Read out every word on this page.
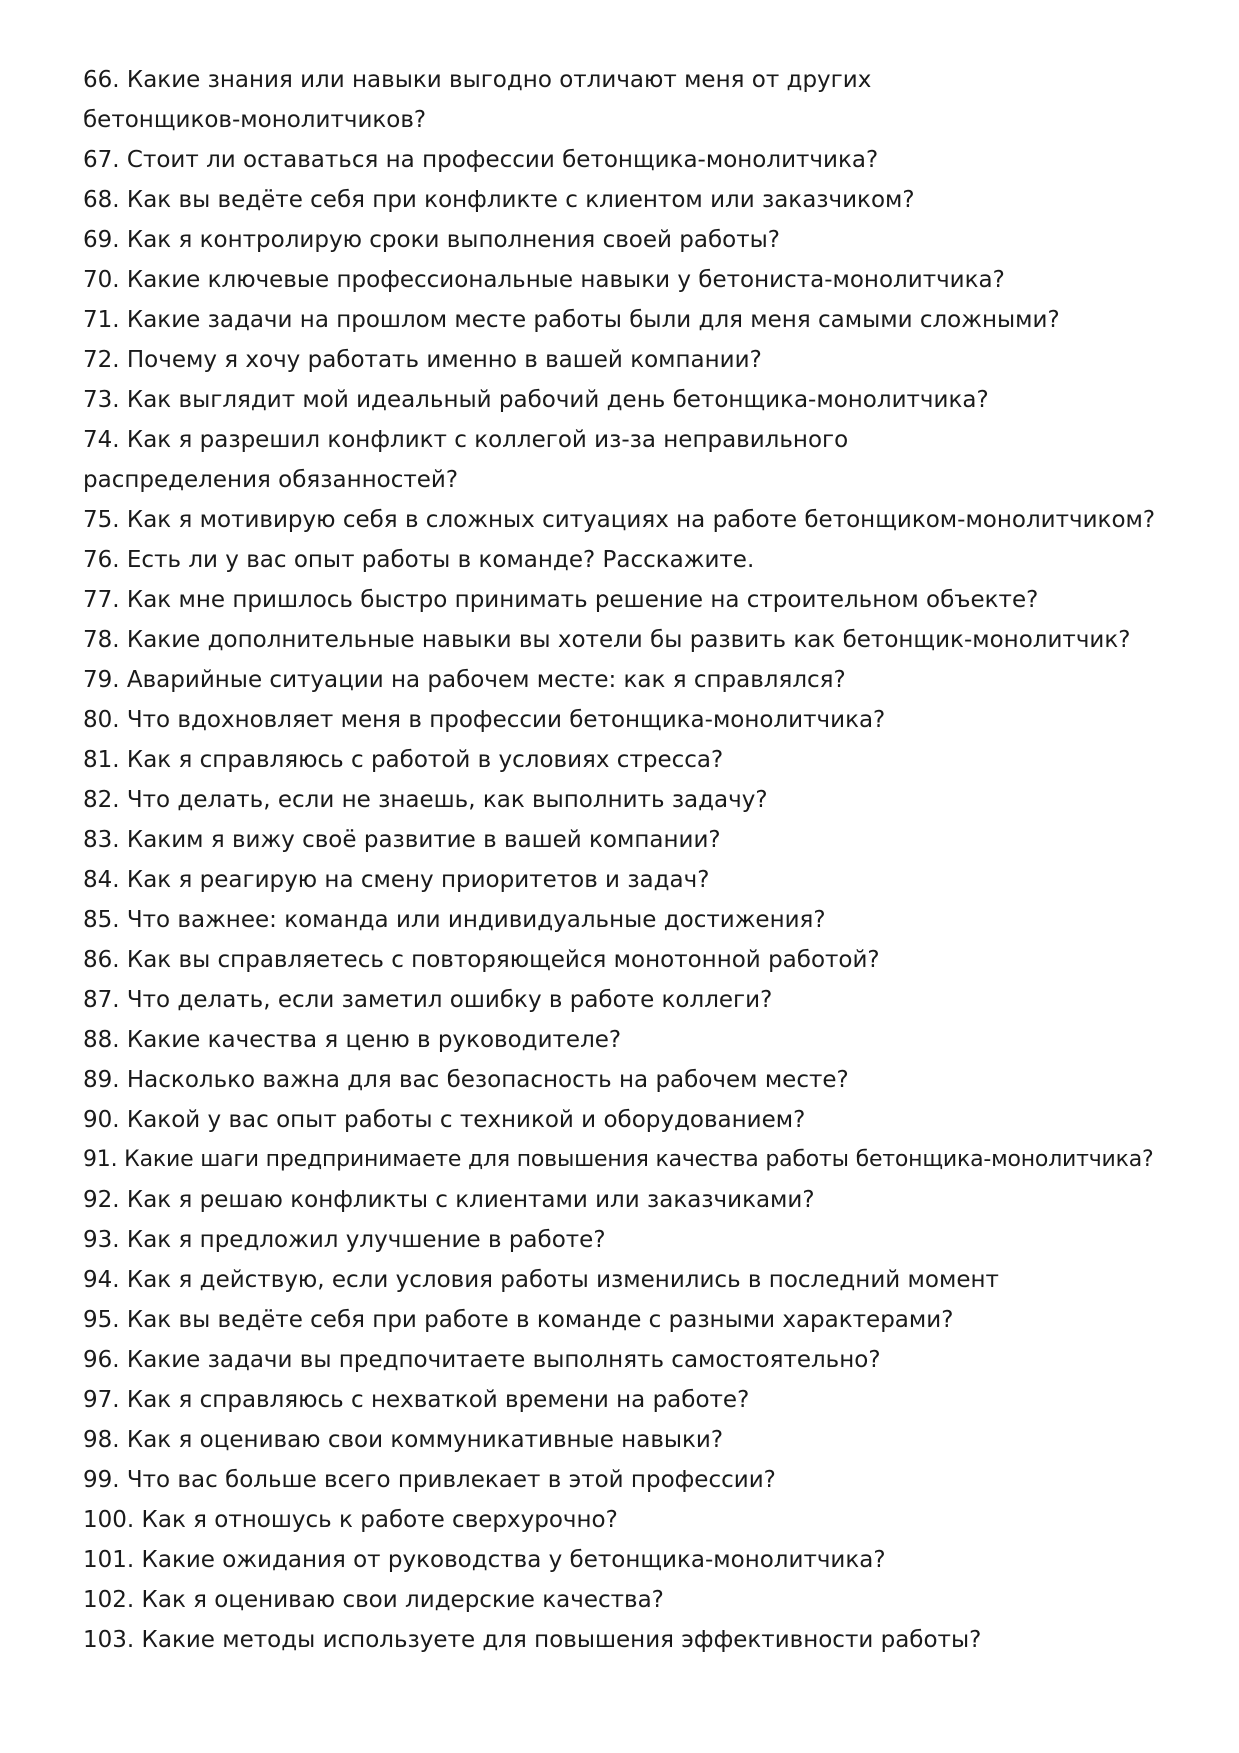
66. Какие знания или навыки выгодно отличают меня от других бетонщиков-монолитчиков?
67. Стоит ли оставаться на профессии бетонщика-монолитчика?
68. Как вы ведёте себя при конфликте с клиентом или заказчиком?
69. Как я контролирую сроки выполнения своей работы?
70. Какие ключевые профессиональные навыки у бетониста-монолитчика?
71. Какие задачи на прошлом месте работы были для меня самыми сложными?
72. Почему я хочу работать именно в вашей компании?
73. Как выглядит мой идеальный рабочий день бетонщика-монолитчика?
74. Как я разрешил конфликт с коллегой из-за неправильного распределения обязанностей?
75. Как я мотивирую себя в сложных ситуациях на работе бетонщиком-монолитчиком?
76. Есть ли у вас опыт работы в команде? Расскажите.
77. Как мне пришлось быстро принимать решение на строительном объекте?
78. Какие дополнительные навыки вы хотели бы развить как бетонщик-монолитчик?
79. Аварийные ситуации на рабочем месте: как я справлялся?
80. Что вдохновляет меня в профессии бетонщика-монолитчика?
81. Как я справляюсь с работой в условиях стресса?
82. Что делать, если не знаешь, как выполнить задачу?
83. Каким я вижу своё развитие в вашей компании?
84. Как я реагирую на смену приоритетов и задач?
85. Что важнее: команда или индивидуальные достижения?
86. Как вы справляетесь с повторяющейся монотонной работой?
87. Что делать, если заметил ошибку в работе коллеги?
88. Какие качества я ценю в руководителе?
89. Насколько важна для вас безопасность на рабочем месте?
90. Какой у вас опыт работы с техникой и оборудованием?
91. Какие шаги предпринимаете для повышения качества работы бетонщика-монолитчика?
92. Как я решаю конфликты с клиентами или заказчиками?
93. Как я предложил улучшение в работе?
94. Как я действую, если условия работы изменились в последний момент
95. Как вы ведёте себя при работе в команде с разными характерами?
96. Какие задачи вы предпочитаете выполнять самостоятельно?
97. Как я справляюсь с нехваткой времени на работе?
98. Как я оцениваю свои коммуникативные навыки?
99. Что вас больше всего привлекает в этой профессии?
100. Как я отношусь к работе сверхурочно?
101. Какие ожидания от руководства у бетонщика-монолитчика?
102. Как я оцениваю свои лидерские качества?
103. Какие методы используете для повышения эффективности работы?
